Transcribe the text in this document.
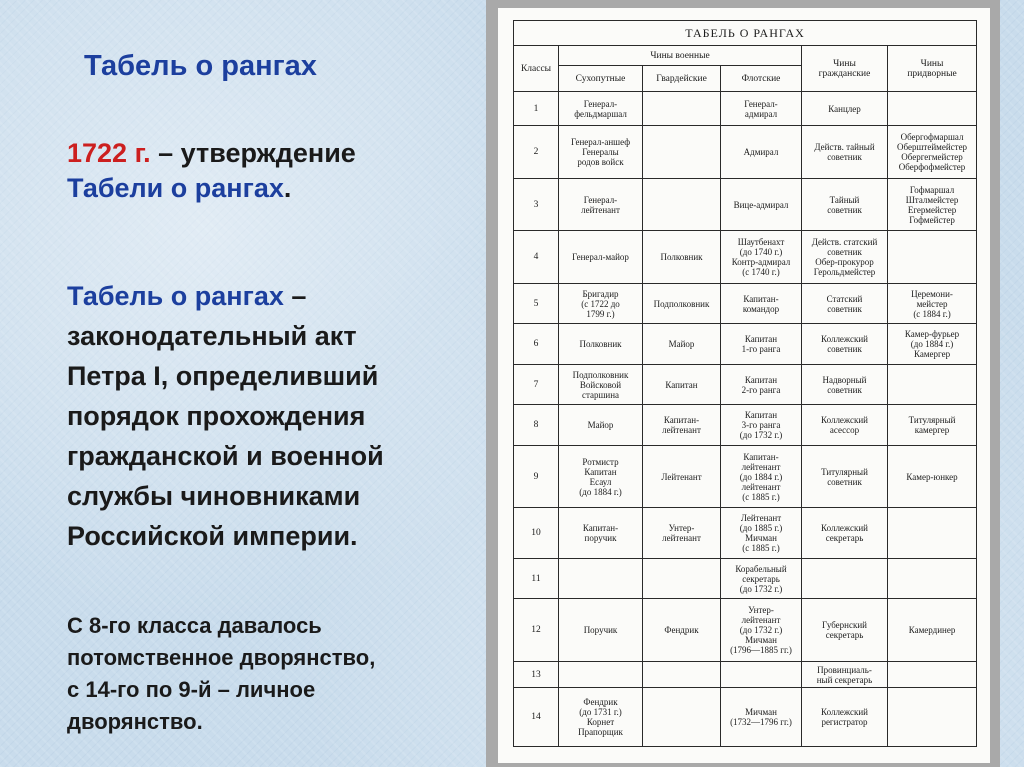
Табель о рангах

1722 г. – утверждение
Табели о рангах.

Табель о рангах –
законодательный акт
Петра I, определивший
порядок прохождения
гражданской и военной
службы чиновниками
Российской империи.

С 8-го класса давалось
потомственное дворянство,
с 14-го по 9-й – личное
дворянство.

ТАБЕЛЬ О РАНГАХ					
Классы	Чины военные			Чины
гражданские	Чины
придворные

	Сухопутные	Гвардейские	Флотские		
1	Генерал-
фельдмаршал		Генерал-
адмирал	Канцлер	

2	Генерал-аншеф
Генералы
родов войск		Адмирал	Действ. тайный
советник	Обергофмаршал
Оберштеймейстер
Обергегмейстер
Оберфофмейстер

3	Генерал-
лейтенант		Вице-адмирал	Тайный
советник	Гофмаршал
Шталмейстер
Егермейстер
Гофмейстер

4	Генерал-майор	Полковник	Шаутбенахт
(до 1740 г.)
Контр-адмирал
(с 1740 г.)	Действ. статский
советник
Обер-прокурор
Герольдмейстер	

5	Бригадир
(с 1722 до
1799 г.)	Подполковник	Капитан-
командор	Статский
советник	Церемони-
мейстер
(с 1884 г.)

6	Полковник	Майор	Капитан
1-го ранга	Коллежский
советник	Камер-фурьер
(до 1884 г.)
Камергер

7	Подполковник
Войсковой
старшина	Капитан	Капитан
2-го ранга	Надворный
советник	

8	Майор	Капитан-
лейтенант	Капитан
3-го ранга
(до 1732 г.)	Коллежский
асессор	Титулярный
камергер

9	Ротмистр
Капитан
Есаул
(до 1884 г.)	Лейтенант	Капитан-
лейтенант
(до 1884 г.)
лейтенант
(с 1885 г.)	Титулярный
советник	Камер-юнкер

10	Капитан-
поручик	Унтер-
лейтенант	Лейтенант
(до 1885 г.)
Мичман
(с 1885 г.)	Коллежский
секретарь	

11			Корабельный
секретарь
(до 1732 г.)		

12	Поручик	Фендрик	Унтер-
лейтенант
(до 1732 г.)
Мичман
(1796—1885 гг.)	Губернский
секретарь	Камердинер

13				Провинциаль-
ный секретарь	

14	Фендрик
(до 1731 г.)
Корнет
Прапорщик		Мичман
(1732—1796 гг.)	Коллежский
регистратор	
